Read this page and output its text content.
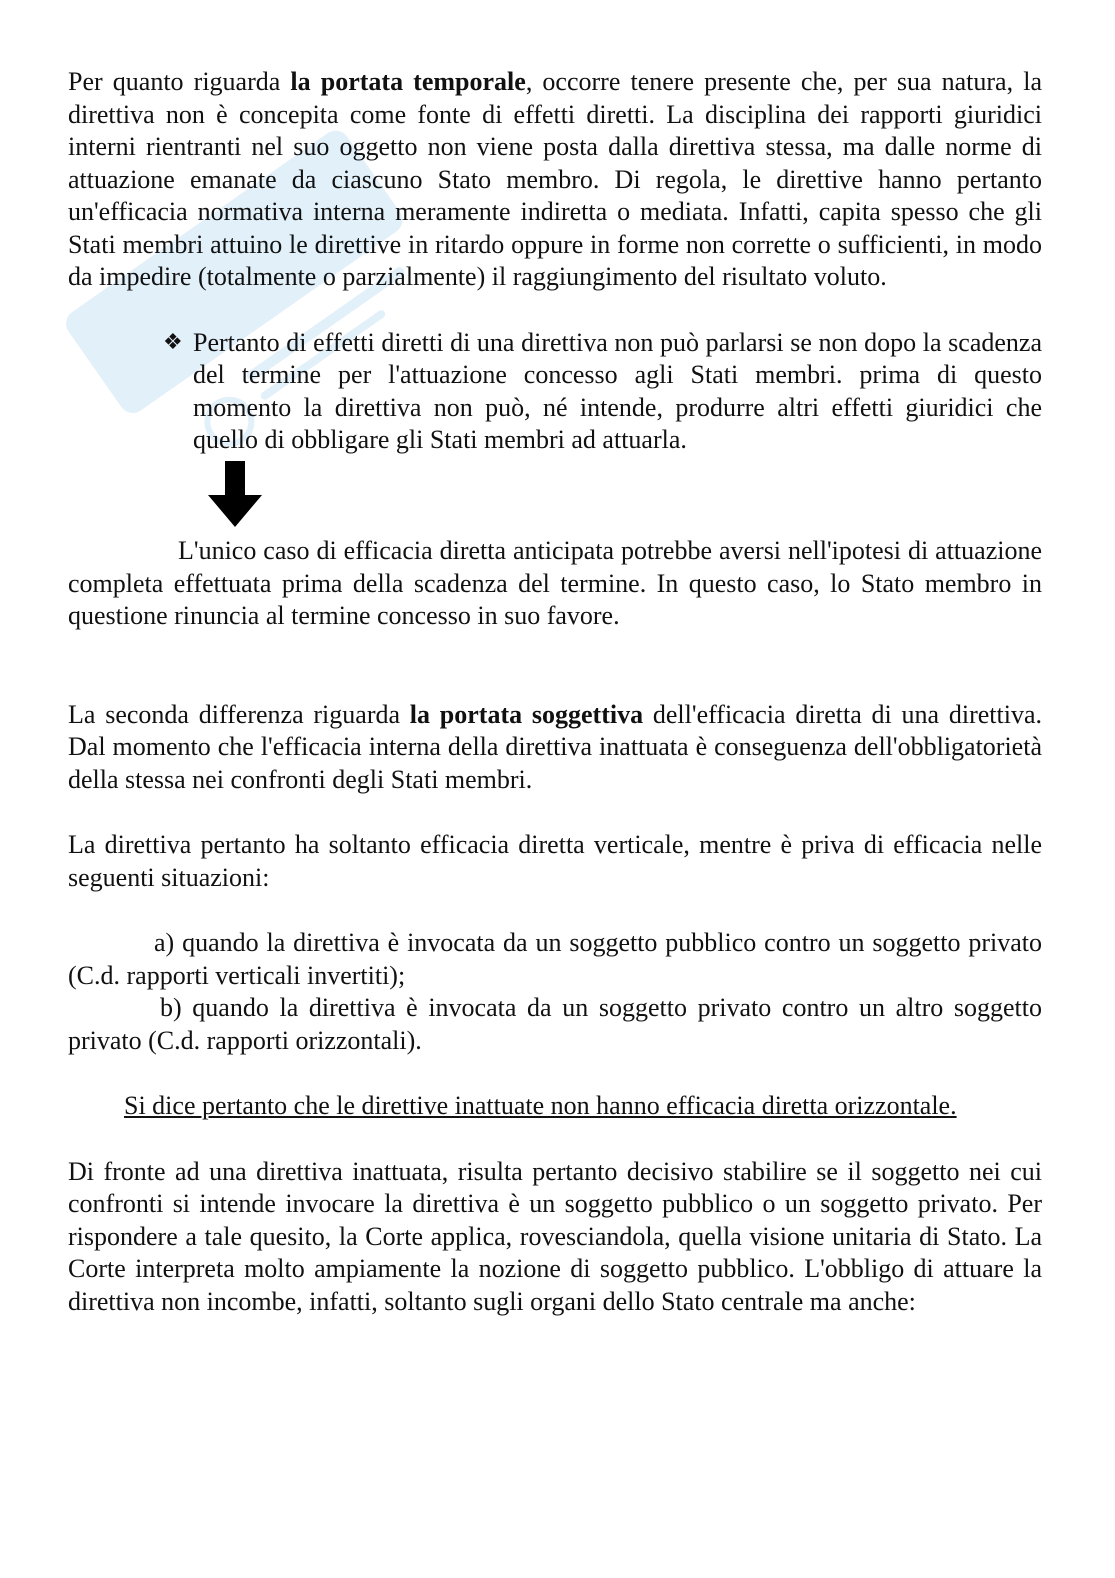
Per quanto riguarda la portata temporale, occorre tenere presente che, per sua natura, la direttiva non è concepita come fonte di effetti diretti. La disciplina dei rapporti giuridici interni rientranti nel suo oggetto non viene posta dalla direttiva stessa, ma dalle norme di attuazione emanate da ciascuno Stato membro. Di regola, le direttive hanno pertanto un'efficacia normativa interna meramente indiretta o mediata. Infatti, capita spesso che gli Stati membri attuino le direttive in ritardo oppure in forme non corrette o sufficienti, in modo da impedire (totalmente o parzialmente) il raggiungimento del risultato voluto.

❖ Pertanto di effetti diretti di una direttiva non può parlarsi se non dopo la scadenza del termine per l'attuazione concesso agli Stati membri. prima di questo momento la direttiva non può, né intende, produrre altri effetti giuridici che quello di obbligare gli Stati membri ad attuarla.

L'unico caso di efficacia diretta anticipata potrebbe aversi nell'ipotesi di attuazione completa effettuata prima della scadenza del termine. In questo caso, lo Stato membro in questione rinuncia al termine concesso in suo favore.

La seconda differenza riguarda la portata soggettiva dell'efficacia diretta di una direttiva. Dal momento che l'efficacia interna della direttiva inattuata è conseguenza dell'obbligatorietà della stessa nei confronti degli Stati membri.

La direttiva pertanto ha soltanto efficacia diretta verticale, mentre è priva di efficacia nelle seguenti situazioni:

a) quando la direttiva è invocata da un soggetto pubblico contro un soggetto privato (C.d. rapporti verticali invertiti);

b) quando la direttiva è invocata da un soggetto privato contro un altro soggetto privato (C.d. rapporti orizzontali).

Si dice pertanto che le direttive inattuate non hanno efficacia diretta orizzontale.

Di fronte ad una direttiva inattuata, risulta pertanto decisivo stabilire se il soggetto nei cui confronti si intende invocare la direttiva è un soggetto pubblico o un soggetto privato. Per rispondere a tale quesito, la Corte applica, rovesciandola, quella visione unitaria di Stato. La Corte interpreta molto ampiamente la nozione di soggetto pubblico. L'obbligo di attuare la direttiva non incombe, infatti, soltanto sugli organi dello Stato centrale ma anche:
